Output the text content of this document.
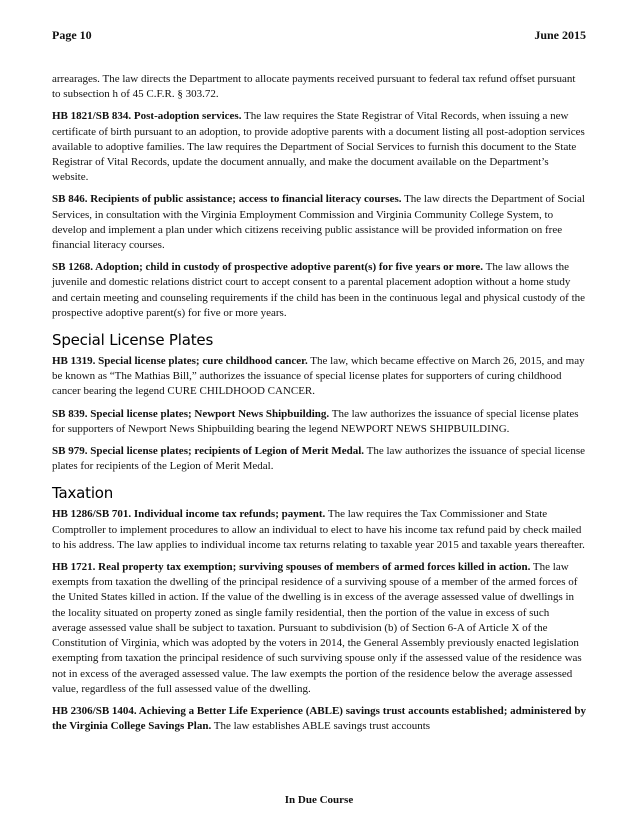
Page 10	June 2015

arrearages. The law directs the Department to allocate payments received pursuant to federal tax refund offset pursuant to subsection h of 45 C.F.R. § 303.72.

HB 1821/SB 834. Post-adoption services. The law requires the State Registrar of Vital Records, when issuing a new certificate of birth pursuant to an adoption, to provide adoptive parents with a document listing all post-adoption services available to adoptive families. The law requires the Department of Social Services to furnish this document to the State Registrar of Vital Records, update the document annually, and make the document available on the Department’s website.

SB 846. Recipients of public assistance; access to financial literacy courses. The law directs the Department of Social Services, in consultation with the Virginia Employment Commission and Virginia Community College System, to develop and implement a plan under which citizens receiving public assistance will be provided information on free financial literacy courses.

SB 1268. Adoption; child in custody of prospective adoptive parent(s) for five years or more. The law allows the juvenile and domestic relations district court to accept consent to a parental placement adoption without a home study and certain meeting and counseling requirements if the child has been in the continuous legal and physical custody of the prospective adoptive parent(s) for five or more years.

Special License Plates

HB 1319. Special license plates; cure childhood cancer. The law, which became effective on March 26, 2015, and may be known as “The Mathias Bill,” authorizes the issuance of special license plates for supporters of curing childhood cancer bearing the legend CURE CHILDHOOD CANCER.

SB 839. Special license plates; Newport News Shipbuilding. The law authorizes the issuance of special license plates for supporters of Newport News Shipbuilding bearing the legend NEWPORT NEWS SHIPBUILDING.

SB 979. Special license plates; recipients of Legion of Merit Medal. The law authorizes the issuance of special license plates for recipients of the Legion of Merit Medal.

Taxation

HB 1286/SB 701. Individual income tax refunds; payment. The law requires the Tax Commissioner and State Comptroller to implement procedures to allow an individual to elect to have his income tax refund paid by check mailed to his address. The law applies to individual income tax returns relating to taxable year 2015 and taxable years thereafter.

HB 1721. Real property tax exemption; surviving spouses of members of armed forces killed in action. The law exempts from taxation the dwelling of the principal residence of a surviving spouse of a member of the armed forces of the United States killed in action. If the value of the dwelling is in excess of the average assessed value of dwellings in the locality situated on property zoned as single family residential, then the portion of the value in excess of such average assessed value shall be subject to taxation. Pursuant to subdivision (b) of Section 6-A of Article X of the Constitution of Virginia, which was adopted by the voters in 2014, the General Assembly previously enacted legislation exempting from taxation the principal residence of such surviving spouse only if the assessed value of the residence was not in excess of the averaged assessed value. The law exempts the portion of the residence below the average assessed value, regardless of the full assessed value of the dwelling.

HB 2306/SB 1404. Achieving a Better Life Experience (ABLE) savings trust accounts established; administered by the Virginia College Savings Plan. The law establishes ABLE savings trust accounts

In Due Course
